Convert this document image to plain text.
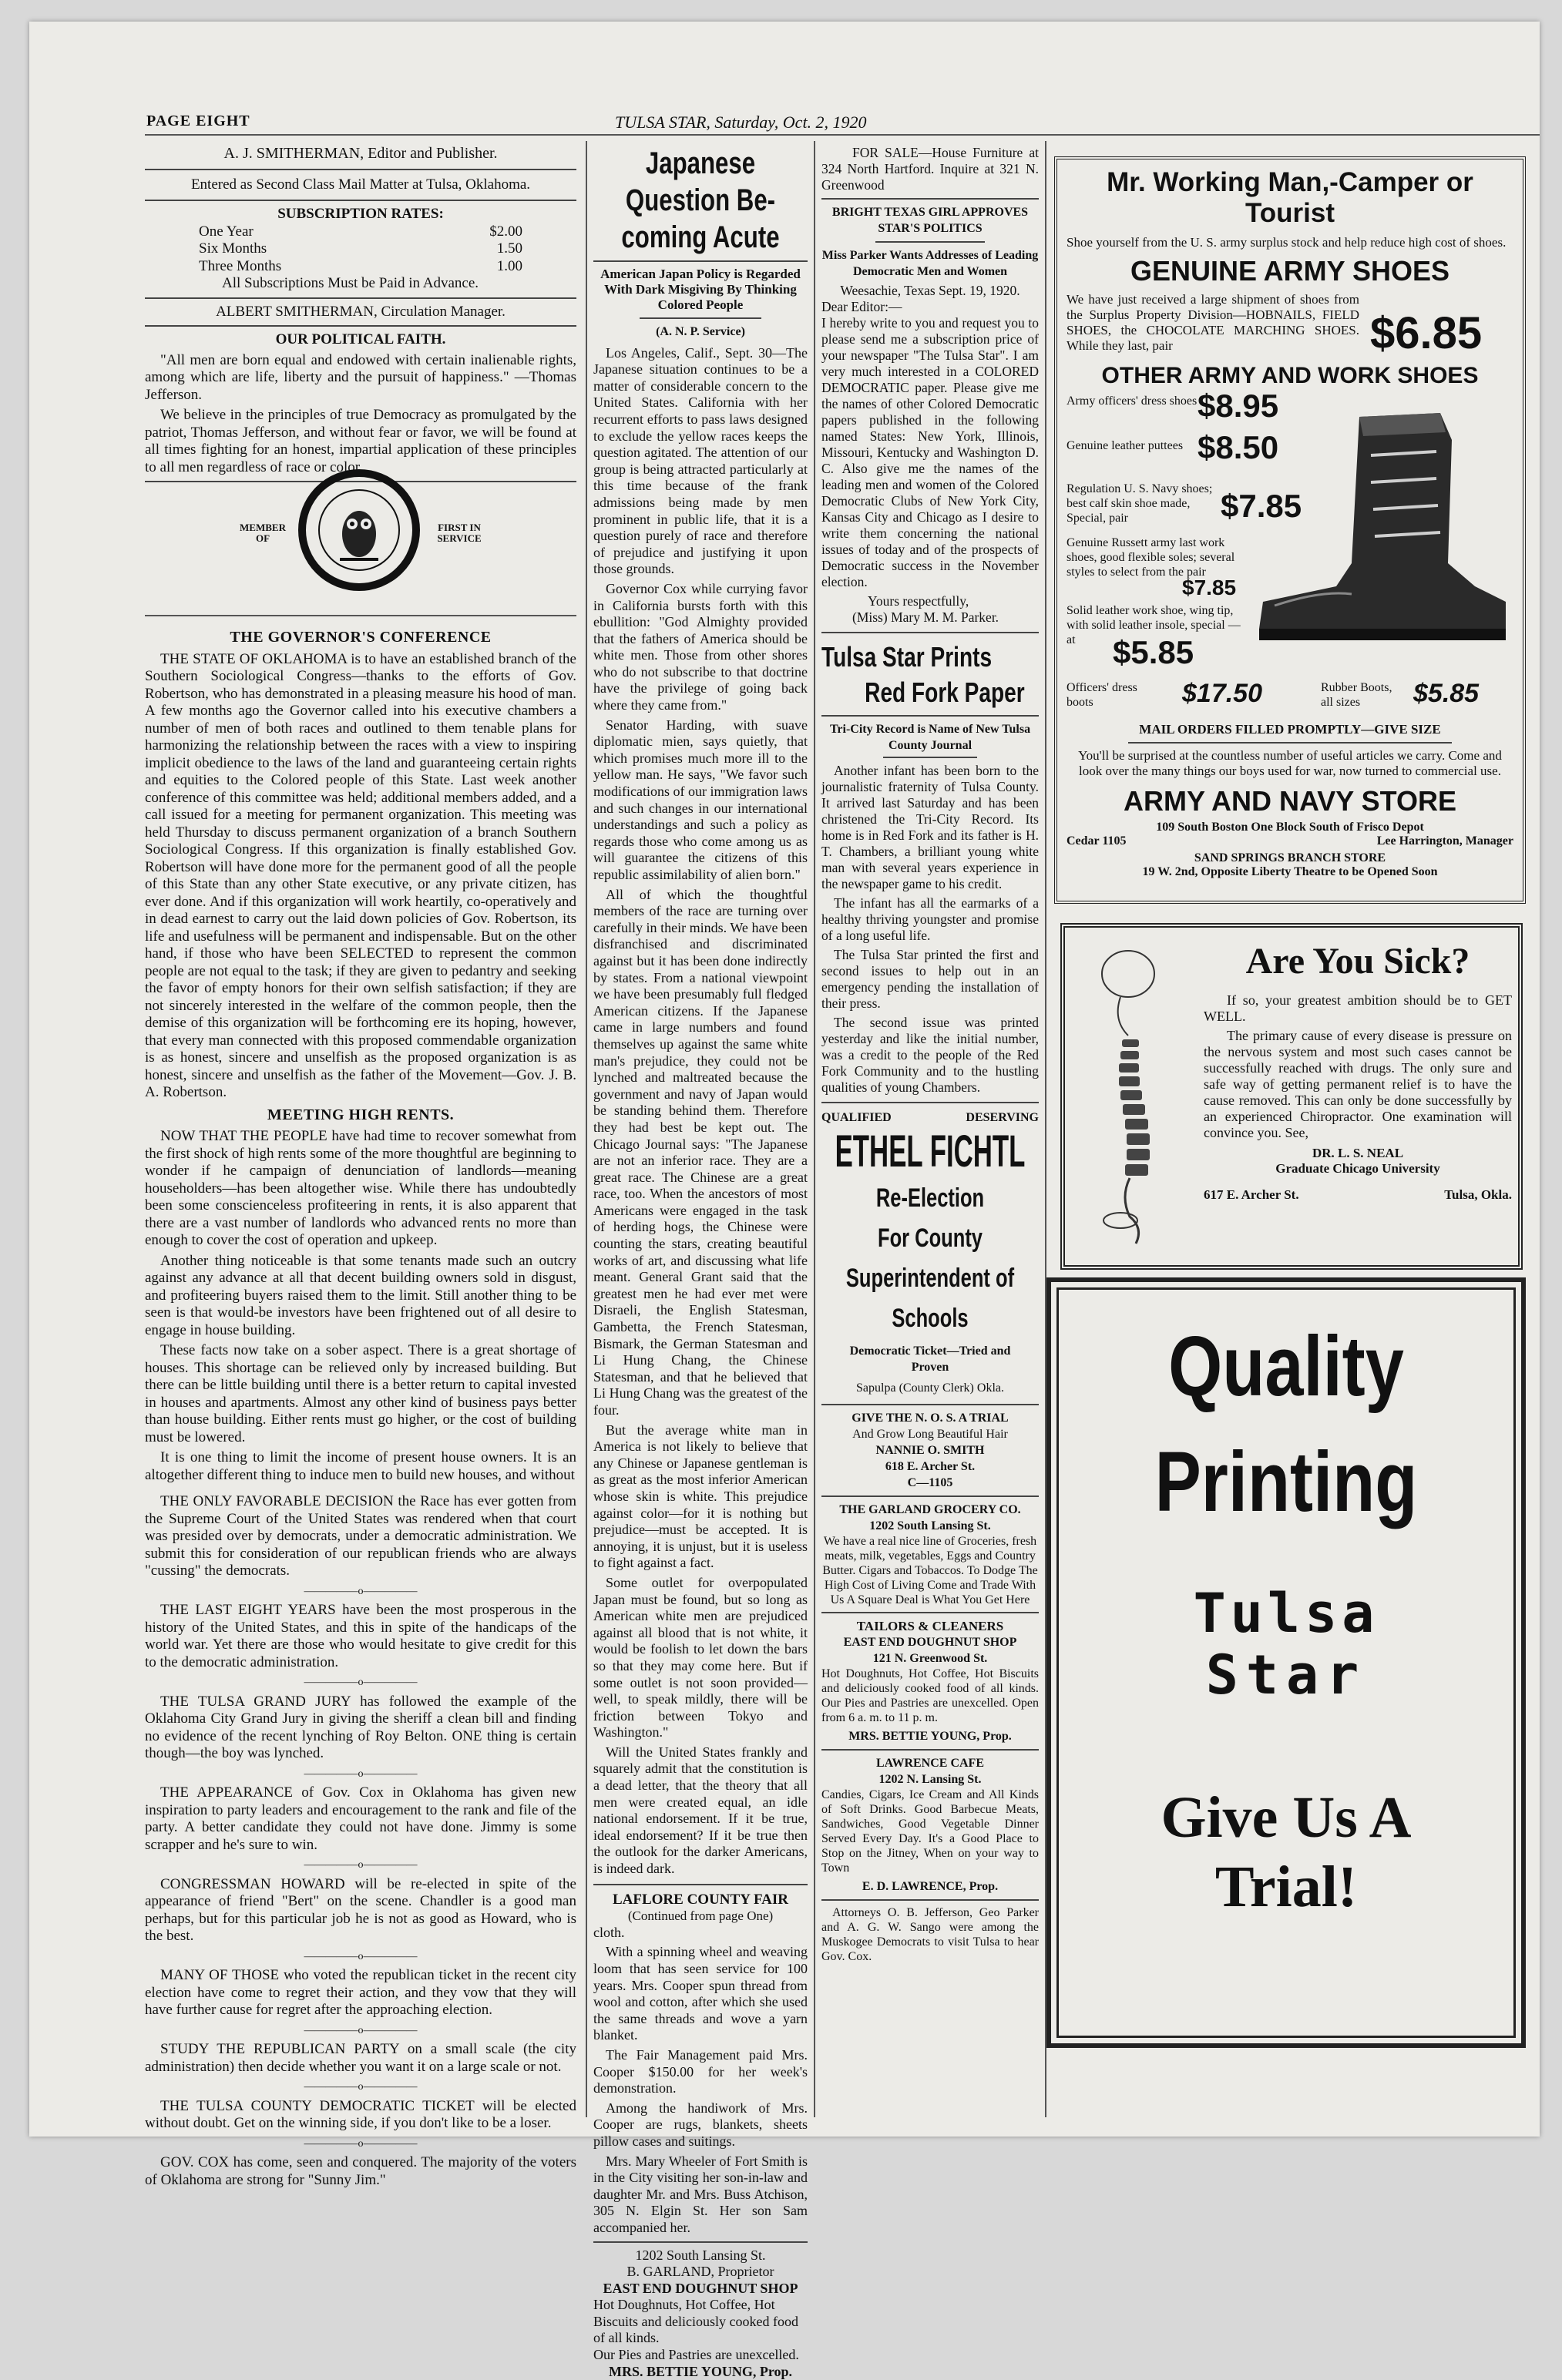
PAGE EIGHT	TULSA STAR, Saturday, Oct. 2, 1920
A. J. SMITHERMAN, Editor and Publisher.
Entered as Second Class Mail Matter at Tulsa, Oklahoma.
SUBSCRIPTION RATES:
One Year	$2.00
Six Months	1.50
Three Months	1.00
All Subscriptions Must be Paid in Advance.
ALBERT SMITHERMAN, Circulation Manager.
OUR POLITICAL FAITH.

"All men are born equal and endowed with certain inalienable rights, among which are life, liberty and the pursuit of happiness." —Thomas Jefferson.

We believe in the principles of true Democracy as promulgated by the patriot, Thomas Jefferson, and without fear or favor, we will be found at all times fighting for an honest, impartial application of these principles to all men regardless of race or color.

MEMBER OF
FIRST IN SERVICE
THE GOVERNOR'S CONFERENCE

THE STATE OF OKLAHOMA is to have an established branch of the Southern Sociological Congress—thanks to the efforts of Gov. Robertson, who has demonstrated in a pleasing measure his hood of man. A few months ago the Governor called into his executive chambers a number of men of both races and outlined to them tenable plans for harmonizing the relationship between the races with a view to inspiring implicit obedience to the laws of the land and guaranteeing certain rights and equities to the Colored people of this State. Last week another conference of this committee was held; additional members added, and a call issued for a meeting for permanent organization. This meeting was held Thursday to discuss permanent organization of a branch Southern Sociological Congress. If this organization is finally established Gov. Robertson will have done more for the permanent good of all the people of this State than any other State executive, or any private citizen, has ever done. And if this organization will work heartily, co-operatively and in dead earnest to carry out the laid down policies of Gov. Robertson, its life and usefulness will be permanent and indispensable. But on the other hand, if those who have been SELECTED to represent the common people are not equal to the task; if they are given to pedantry and seeking the favor of empty honors for their own selfish satisfaction; if they are not sincerely interested in the welfare of the common people, then the demise of this organization will be forthcoming ere its hoping, however, that every man connected with this proposed commendable organization is as honest, sincere and unselfish as the proposed organization is as honest, sincere and unselfish as the father of the Movement—Gov. J. B. A. Robertson.

MEETING HIGH RENTS.

NOW THAT THE PEOPLE have had time to recover somewhat from the first shock of high rents some of the more thoughtful are beginning to wonder if he campaign of denunciation of landlords—meaning householders—has been altogether wise. While there has undoubtedly been some conscienceless profiteering in rents, it is also apparent that there are a vast number of landlords who advanced rents no more than enough to cover the cost of operation and upkeep.

Another thing noticeable is that some tenants made such an outcry against any advance at all that decent building owners sold in disgust, and profiteering buyers raised them to the limit. Still another thing to be seen is that would-be investors have been frightened out of all desire to engage in house building.

These facts now take on a sober aspect. There is a great shortage of houses. This shortage can be relieved only by increased building. But there can be little building until there is a better return to capital invested in houses and apartments. Almost any other kind of business pays better than house building. Either rents must go higher, or the cost of building must be lowered.

It is one thing to limit the income of present house owners. It is an altogether different thing to induce men to build new houses, and without

THE ONLY FAVORABLE DECISION the Race has ever gotten from the Supreme Court of the United States was rendered when that court was presided over by democrats, under a democratic administration. We submit this for consideration of our republican friends who are always "cussing" the democrats.

—————o—————

THE LAST EIGHT YEARS have been the most prosperous in the history of the United States, and this in spite of the handicaps of the world war. Yet there are those who would hesitate to give credit for this to the democratic administration.

—————o—————

THE TULSA GRAND JURY has followed the example of the Oklahoma City Grand Jury in giving the sheriff a clean bill and finding no evidence of the recent lynching of Roy Belton. ONE thing is certain though—the boy was lynched.

—————o—————

THE APPEARANCE of Gov. Cox in Oklahoma has given new inspiration to party leaders and encouragement to the rank and file of the party. A better candidate they could not have done. Jimmy is some scrapper and he's sure to win.

—————o—————

CONGRESSMAN HOWARD will be re-elected in spite of the appearance of friend "Bert" on the scene. Chandler is a good man perhaps, but for this particular job he is not as good as Howard, who is the best.

—————o—————

MANY OF THOSE who voted the republican ticket in the recent city election have come to regret their action, and they vow that they will have further cause for regret after the approaching election.

—————o—————

STUDY THE REPUBLICAN PARTY on a small scale (the city administration) then decide whether you want it on a large scale or not.

—————o—————

THE TULSA COUNTY DEMOCRATIC TICKET will be elected without doubt. Get on the winning side, if you don't like to be a loser.

—————o—————

GOV. COX has come, seen and conquered. The majority of the voters of Oklahoma are strong for "Sunny Jim."

Japanese Question Be-
coming Acute
American Japan Policy is Regarded With Dark Misgiving By Thinking Colored People
(A. N. P. Service)

Los Angeles, Calif., Sept. 30—The Japanese situation continues to be a matter of considerable concern to the United States. California with her recurrent efforts to pass laws designed to exclude the yellow races keeps the question agitated. The attention of our group is being attracted particularly at this time because of the frank admissions being made by men prominent in public life, that it is a question purely of race and therefore of prejudice and justifying it upon those grounds.

Governor Cox while currying favor in California bursts forth with this ebullition: "God Almighty provided that the fathers of America should be white men. Those from other shores who do not subscribe to that doctrine have the privilege of going back where they came from."

Senator Harding, with suave diplomatic mien, says quietly, that which promises much more ill to the yellow man. He says, "We favor such modifications of our immigration laws and such changes in our international understandings and such a policy as regards those who come among us as will guarantee the citizens of this republic assimilability of alien born."

All of which the thoughtful members of the race are turning over carefully in their minds. We have been disfranchised and discriminated against but it has been done indirectly by states. From a national viewpoint we have been presumably full fledged American citizens. If the Japanese came in large numbers and found themselves up against the same white man's prejudice, they could not be lynched and maltreated because the government and navy of Japan would be standing behind them. Therefore they had best be kept out. The Chicago Journal says: "The Japanese are not an inferior race. They are a great race. The Chinese are a great race, too. When the ancestors of most Americans were engaged in the task of herding hogs, the Chinese were counting the stars, creating beautiful works of art, and discussing what life meant. General Grant said that the greatest men he had ever met were Disraeli, the English Statesman, Gambetta, the French Statesman, Bismark, the German Statesman and Li Hung Chang, the Chinese Statesman, and that he believed that Li Hung Chang was the greatest of the four.

But the average white man in America is not likely to believe that any Chinese or Japanese gentleman is as great as the most inferior American whose skin is white. This prejudice against color—for it is nothing but prejudice—must be accepted. It is annoying, it is unjust, but it is useless to fight against a fact.

Some outlet for overpopulated Japan must be found, but so long as American white men are prejudiced against all blood that is not white, it would be foolish to let down the bars so that they may come here. But if some outlet is not soon provided—well, to speak mildly, there will be friction between Tokyo and Washington."

Will the United States frankly and squarely admit that the constitution is a dead letter, that the theory that all men were created equal, an idle national endorsement. If it be true, ideal endorsement? If it be true then the outlook for the darker Americans, is indeed dark.

LAFLORE COUNTY FAIR
(Continued from page One)

cloth.

With a spinning wheel and weaving loom that has seen service for 100 years. Mrs. Cooper spun thread from wool and cotton, after which she used the same threads and wove a yarn blanket.

The Fair Management paid Mrs. Cooper $150.00 for her week's demonstration.

Among the handiwork of Mrs. Cooper are rugs, blankets, sheets pillow cases and suitings.

Mrs. Mary Wheeler of Fort Smith is in the City visiting her son-in-law and daughter Mr. and Mrs. Buss Atchison, 305 N. Elgin St. Her son Sam accompanied her.

1202 South Lansing St.
B. GARLAND, Proprietor
EAST END DOUGHNUT SHOP
Hot Doughnuts, Hot Coffee, Hot Biscuits and deliciously cooked food of all kinds.
Our Pies and Pastries are unexcelled.
MRS. BETTIE YOUNG, Prop.

FOR SALE—House Furniture at 324 North Hartford. Inquire at 321 N. Greenwood

BRIGHT TEXAS GIRL APPROVES STAR'S POLITICS
Miss Parker Wants Addresses of Leading Democratic Men and Women
Weesachie, Texas Sept. 19, 1920.
Dear Editor:—

I hereby write to you and request you to please send me a subscription price of your newspaper "The Tulsa Star". I am very much interested in a COLORED DEMOCRATIC paper. Please give me the names of other Colored Democratic papers published in the following named States: New York, Illinois, Missouri, Kentucky and Washington D. C. Also give me the names of the leading men and women of the Colored Democratic Clubs of New York City, Kansas City and Chicago as I desire to write them concerning the national issues of today and of the prospects of Democratic success in the November election.

Yours respectfully,
(Miss) Mary M. M. Parker.
Tulsa Star Prints
Red Fork Paper
Tri-City Record is Name of New Tulsa County Journal

Another infant has been born to the journalistic fraternity of Tulsa County. It arrived last Saturday and has been christened the Tri-City Record. Its home is in Red Fork and its father is H. T. Chambers, a brilliant young white man with several years experience in the newspaper game to his credit.

The infant has all the earmarks of a healthy thriving youngster and promise of a long useful life.

The Tulsa Star printed the first and second issues to help out in an emergency pending the installation of their press.

The second issue was printed yesterday and like the initial number, was a credit to the people of the Red Fork Community and to the hustling qualities of young Chambers.

QUALIFIED	DESERVING
ETHEL FICHTL
Re-Election
For County
Superintendent of
Schools
Democratic Ticket—Tried and Proven
Sapulpa (County Clerk) Okla.
GIVE THE N. O. S. A TRIAL
And Grow Long Beautiful Hair
NANNIE O. SMITH
618 E. Archer St.
C—1105
THE GARLAND GROCERY CO.
1202 South Lansing St.

We have a real nice line of Groceries, fresh meats, milk, vegetables, Eggs and Country Butter. Cigars and Tobaccos. To Dodge The High Cost of Living Come and Trade With Us A Square Deal is What You Get Here

TAILORS & CLEANERS
EAST END DOUGHNUT SHOP
121 N. Greenwood St.

Hot Doughnuts, Hot Coffee, Hot Biscuits and deliciously cooked food of all kinds. Our Pies and Pastries are unexcelled. Open from 6 a. m. to 11 p. m.

MRS. BETTIE YOUNG, Prop.
LAWRENCE CAFE
1202 N. Lansing St.

Candies, Cigars, Ice Cream and All Kinds of Soft Drinks. Good Barbecue Meats, Sandwiches, Good Vegetable Dinner Served Every Day. It's a Good Place to Stop on the Jitney, When on your way to Town

E. D. LAWRENCE, Prop.

Attorneys O. B. Jefferson, Geo Parker and A. G. W. Sango were among the Muskogee Democrats to visit Tulsa to hear Gov. Cox.

Mr. Working Man,-Camper or Tourist

Shoe yourself from the U. S. army surplus stock and help reduce high cost of shoes.

GENUINE ARMY SHOES

We have just received a large shipment of shoes from the Surplus Property Division—HOBNAILS, FIELD SHOES, the CHOCOLATE MARCHING SHOES. While they last, pair	$6.85
OTHER ARMY AND WORK SHOES
Army officers' dress shoes $8.95
Genuine leather puttees $8.50
Regulation U. S. Navy shoes; best calf skin shoe made, Special, pair	$7.85
Genuine Russett army last work shoes, good flexible soles; several styles to select from the pair
$7.85
Solid leather work shoe, wing tip, with solid leather insole, special —at	$5.85
Officers' dress boots	$17.50	Rubber Boots, all sizes	$5.85
MAIL ORDERS FILLED PROMPTLY—GIVE SIZE

You'll be surprised at the countless number of useful articles we carry. Come and look over the many things our boys used for war, now turned to commercial use.

ARMY AND NAVY STORE
109 South Boston One Block South of Frisco Depot
Cedar 1105	Lee Harrington, Manager
SAND SPRINGS BRANCH STORE
19 W. 2nd, Opposite Liberty Theatre to be Opened Soon
Are You Sick?

If so, your greatest ambition should be to GET WELL.

The primary cause of every disease is pressure on the nervous system and most such cases cannot be successfully reached with drugs. The only sure and safe way of getting permanent relief is to have the cause removed. This can only be done successfully by an experienced Chiropractor. One examination will convince you. See,

DR. L. S. NEAL
Graduate Chicago University
617 E. Archer St.	Tulsa, Okla.
Quality
Printing
Tulsa
Star
Give Us A
Trial!
